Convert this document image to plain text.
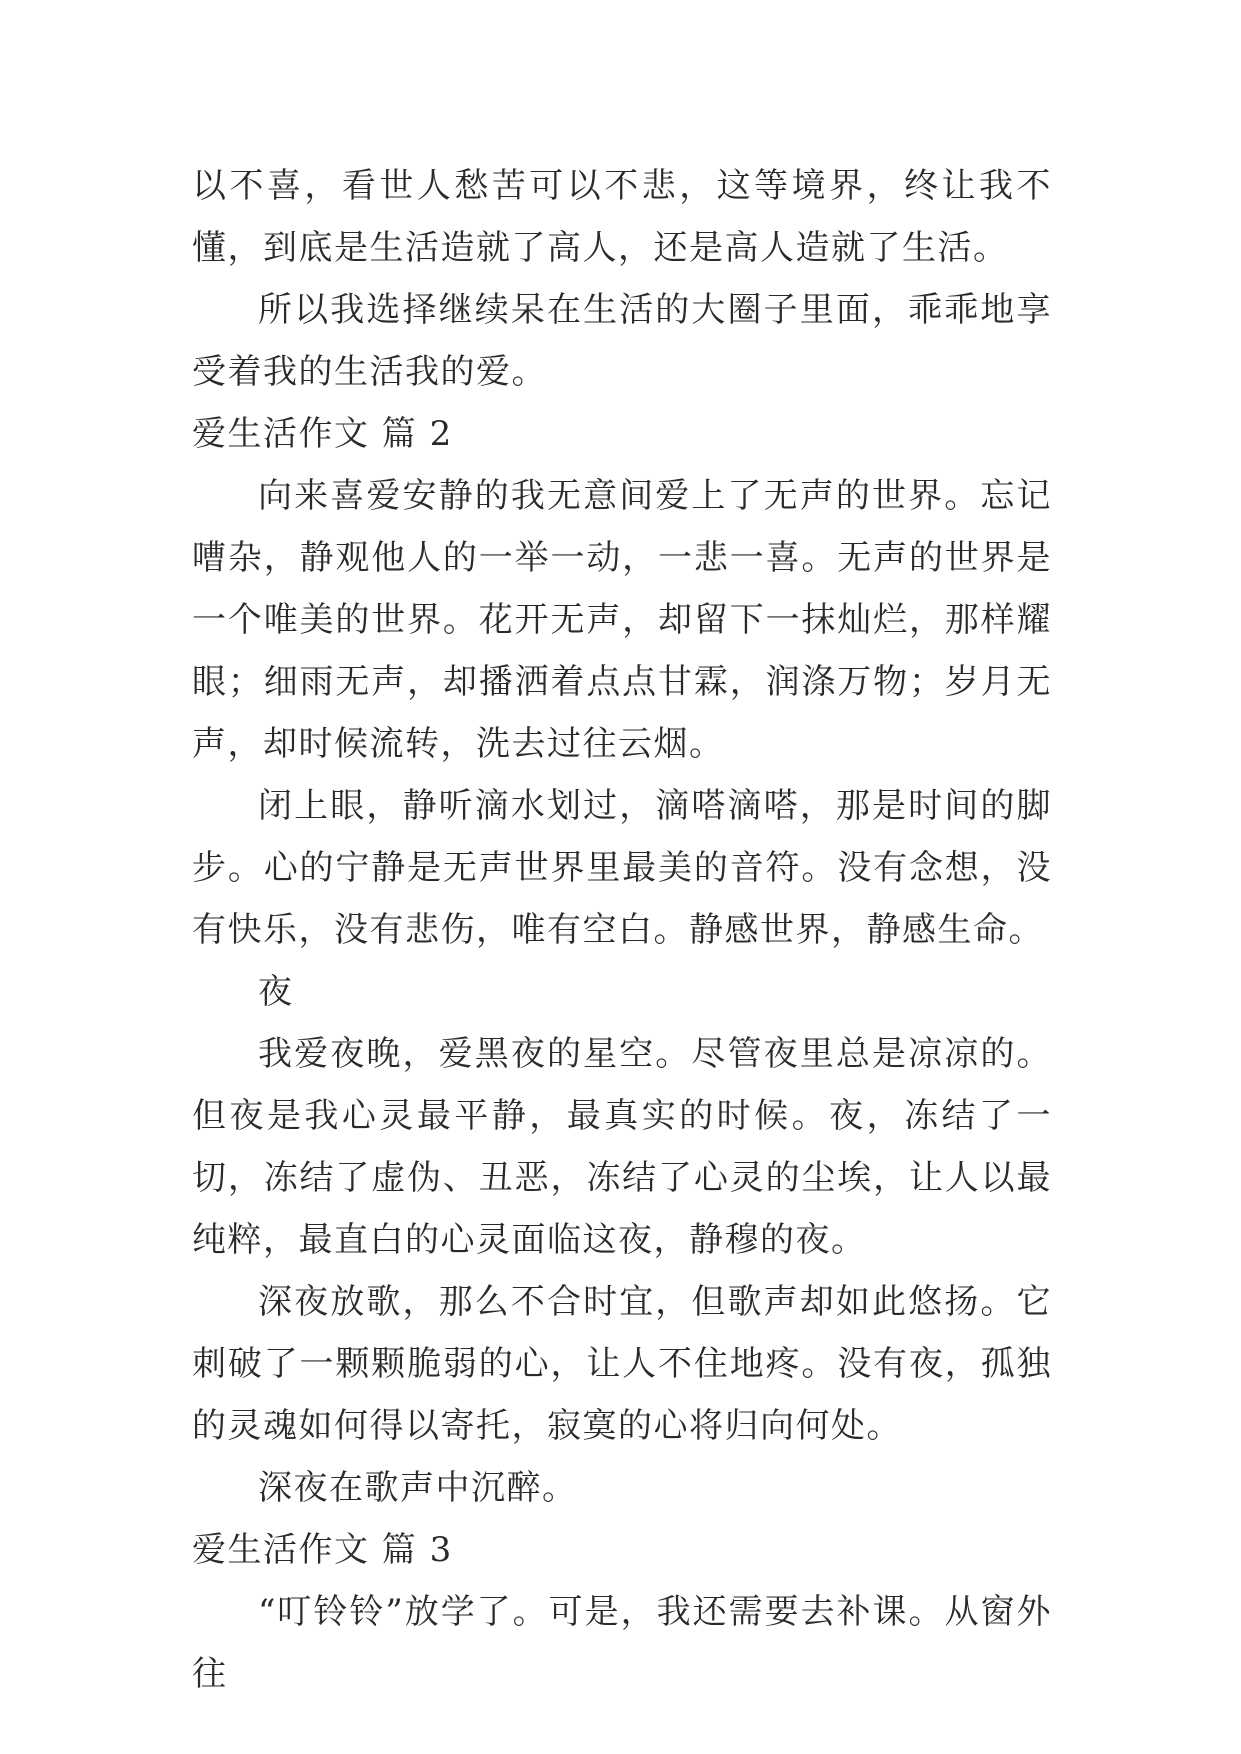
以不喜，看世人愁苦可以不悲，这等境界，终让我不懂，到底是生活造就了高人，还是高人造就了生活。

所以我选择继续呆在生活的大圈子里面，乖乖地享受着我的生活我的爱。

爱生活作文 篇 2

向来喜爱安静的我无意间爱上了无声的世界。忘记嘈杂，静观他人的一举一动，一悲一喜。无声的世界是一个唯美的世界。花开无声，却留下一抹灿烂，那样耀眼；细雨无声，却播洒着点点甘霖，润涤万物；岁月无声，却时候流转，洗去过往云烟。

闭上眼，静听滴水划过，滴嗒滴嗒，那是时间的脚步。心的宁静是无声世界里最美的音符。没有念想，没有快乐，没有悲伤，唯有空白。静感世界，静感生命。

夜

我爱夜晚，爱黑夜的星空。尽管夜里总是凉凉的。但夜是我心灵最平静，最真实的时候。夜，冻结了一切，冻结了虚伪、丑恶，冻结了心灵的尘埃，让人以最纯粹，最直白的心灵面临这夜，静穆的夜。

深夜放歌，那么不合时宜，但歌声却如此悠扬。它刺破了一颗颗脆弱的心，让人不住地疼。没有夜，孤独的灵魂如何得以寄托，寂寞的心将归向何处。

深夜在歌声中沉醉。

爱生活作文 篇 3

“叮铃铃”放学了。可是，我还需要去补课。从窗外往
